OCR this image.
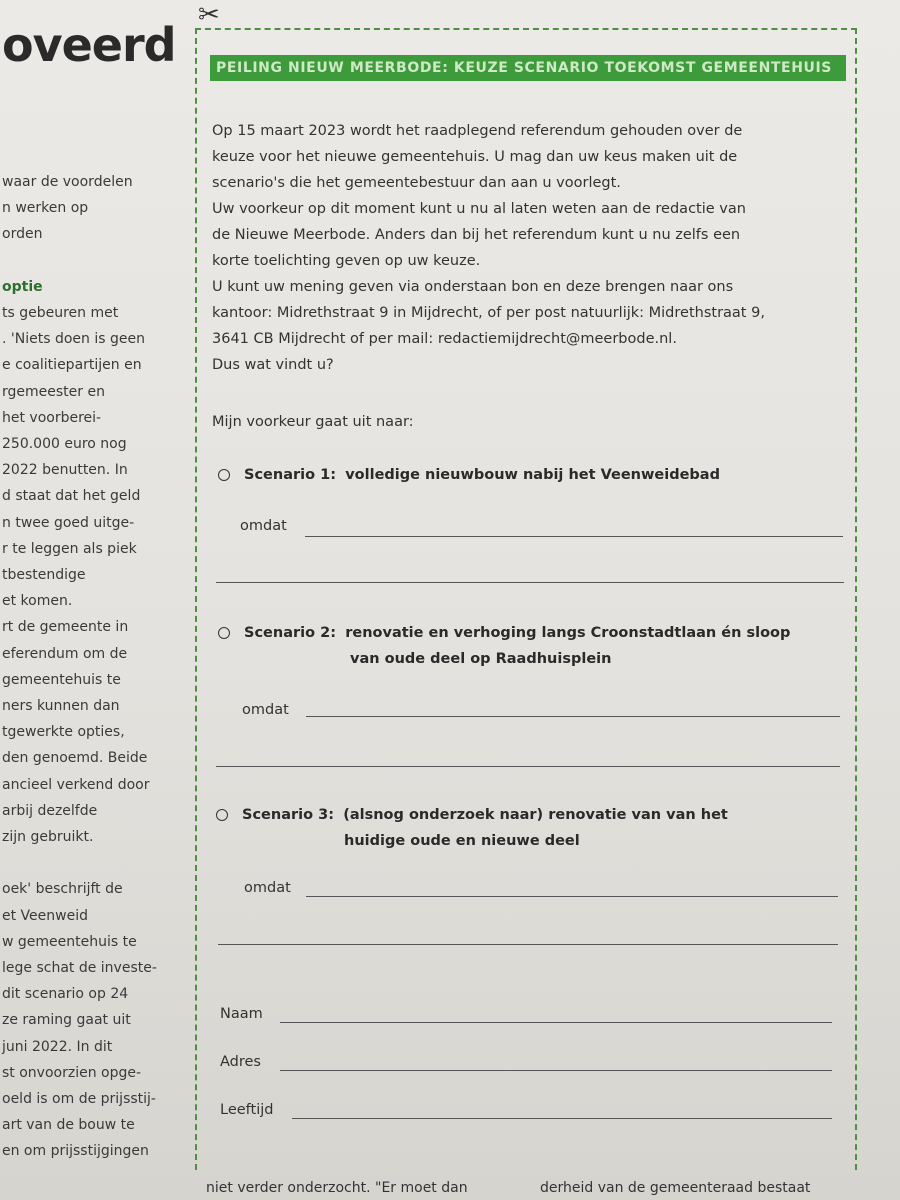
oveerd
waar de voordelen
n werken op
orden
optie
ts gebeuren met
. 'Niets doen is geen
e coalitiepartijen en
rgemeester en
het voorberei-
250.000 euro nog
2022 benutten. In
d staat dat het geld
n twee goed uitge-
r te leggen als piek
tbestendige
et komen.
rt de gemeente in
eferendum om de
gemeentehuis te
ners kunnen dan
tgewerkte opties,
den genoemd. Beide
ancieel verkend door
arbij dezelfde
zijn gebruikt.
oek' beschrijft de
et Veenweid
w gemeentehuis te
lege schat de investe-
dit scenario op 24
ze raming gaat uit
juni 2022. In dit
st onvoorzien opge-
oeld is om de prijsstij-
art van de bouw te
en om prijsstijgingen
✂
PEILING NIEUW MEERBODE: KEUZE SCENARIO TOEKOMST GEMEENTEHUIS

Op 15 maart 2023 wordt het raadplegend referendum gehouden over de

keuze voor het nieuwe gemeentehuis. U mag dan uw keus maken uit de

scenario's die het gemeentebestuur dan aan u voorlegt.

Uw voorkeur op dit moment kunt u nu al laten weten aan de redactie van

de Nieuwe Meerbode. Anders dan bij het referendum kunt u nu zelfs een

korte toelichting geven op uw keuze.

U kunt uw mening geven via onderstaan bon en deze brengen naar ons

kantoor: Midrethstraat 9 in Mijdrecht, of per post natuurlijk: Midrethstraat 9,

3641 CB Mijdrecht of per mail: redactiemijdrecht@meerbode.nl.

Dus wat vindt u?

Mijn voorkeur gaat uit naar:
Scenario 1: volledige nieuwbouw nabij het Veenweidebad
omdat
Scenario 2: renovatie en verhoging langs Croonstadtlaan én sloop
van oude deel op Raadhuisplein
omdat
Scenario 3: (alsnog onderzoek naar) renovatie van van het
huidige oude en nieuwe deel
omdat
Naam
Adres
Leeftijd
niet verder onderzocht. "Er moet dan	derheid van de gemeenteraad bestaat
